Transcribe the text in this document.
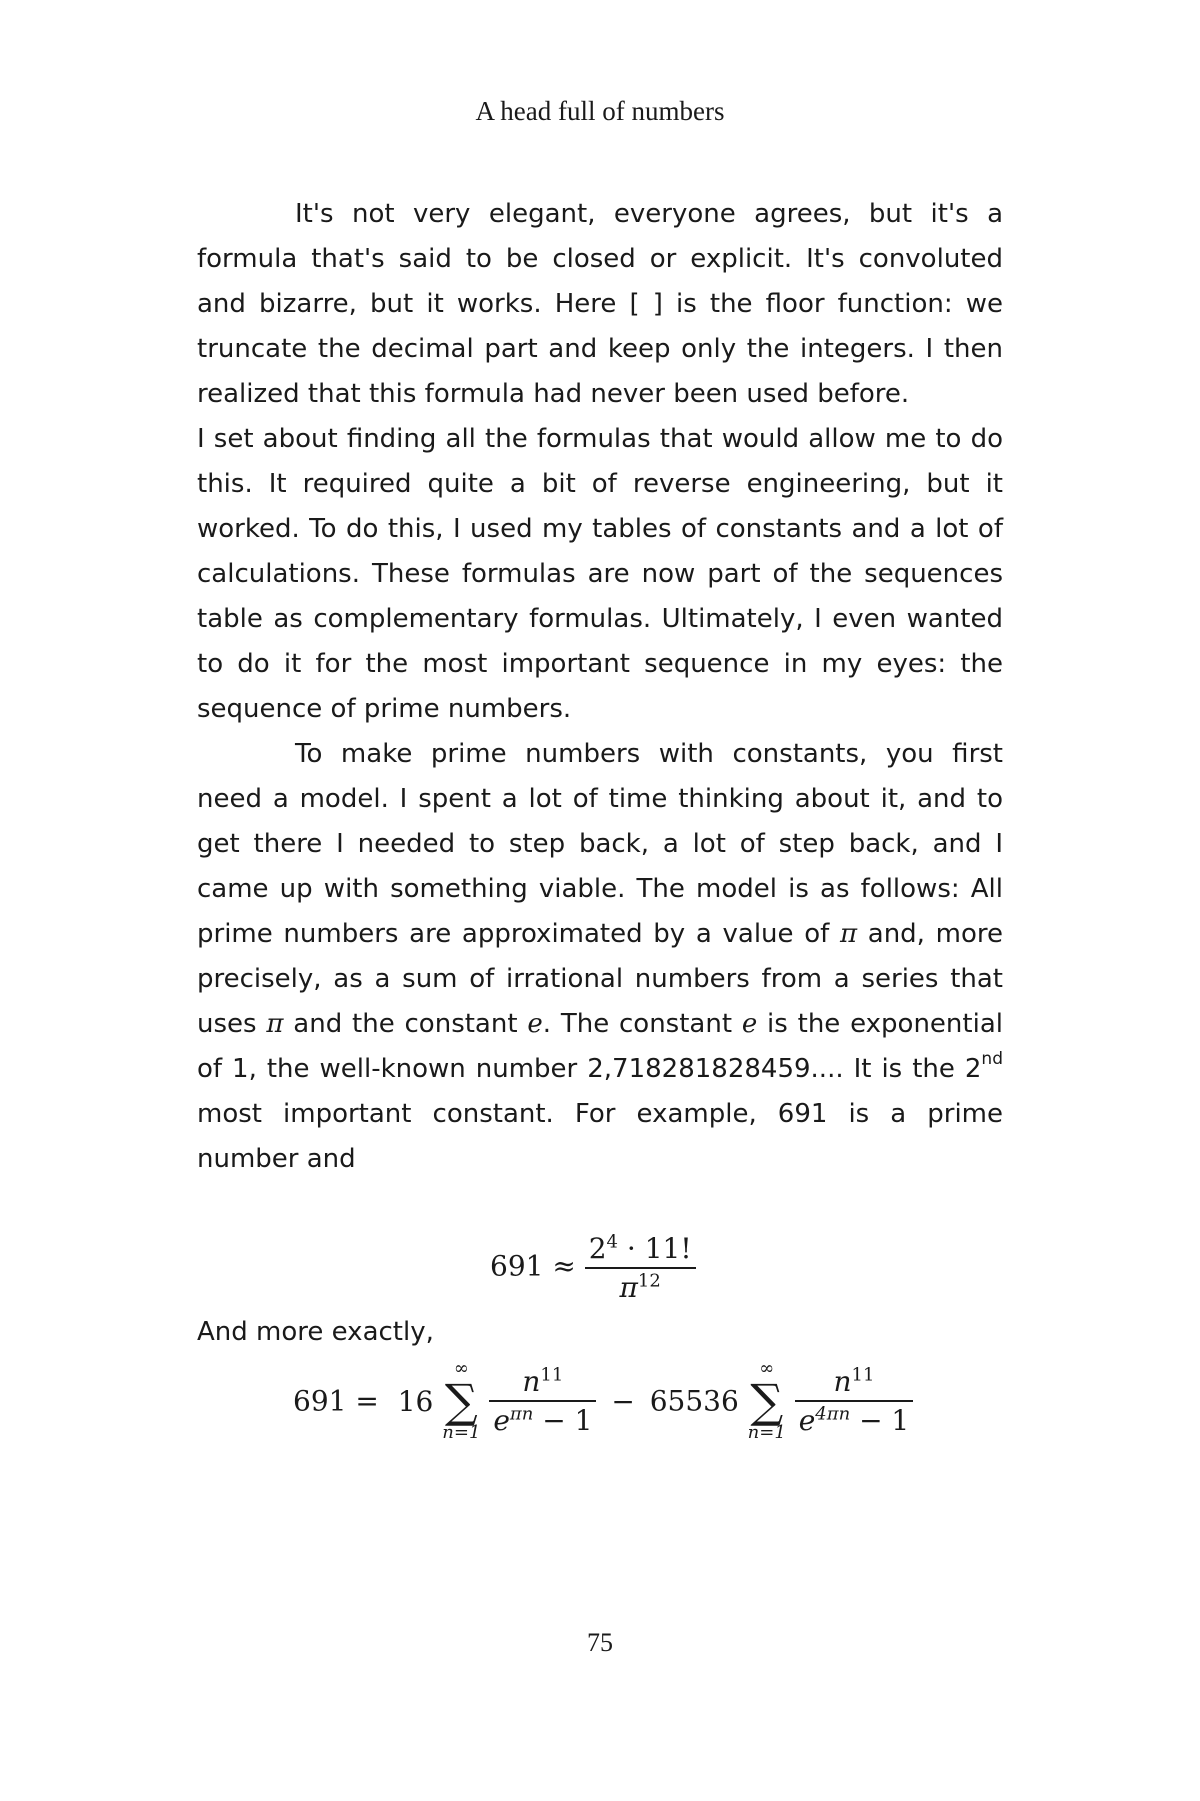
A head full of numbers

It's not very elegant, everyone agrees, but it's a formula that's said to be closed or explicit. It's convoluted and bizarre, but it works. Here [ ] is the floor function: we truncate the decimal part and keep only the integers. I then realized that this formula had never been used before.

I set about finding all the formulas that would allow me to do this. It required quite a bit of reverse engineering, but it worked. To do this, I used my tables of constants and a lot of calculations. These formulas are now part of the sequences table as complementary formulas. Ultimately, I even wanted to do it for the most important sequence in my eyes: the sequence of prime numbers.

To make prime numbers with constants, you first need a model. I spent a lot of time thinking about it, and to get there I needed to step back, a lot of step back, and I came up with something viable. The model is as follows: All prime numbers are approximated by a value of π and, more precisely, as a sum of irrational numbers from a series that uses π and the constant e. The constant e is the exponential of 1, the well-known number 2,718281828459.... It is the 2nd most important constant. For example, 691 is a prime number and

$691 \approx \frac{2^4 \cdot 11!}{\pi^{12}}$

And more exactly,

691 = 16
∞
∑
n=1
$\frac{n^{11}}{e^{\pi n} - 1} - 65536$
∞
∑
n=1
$\frac{n^{11}}{e^{4\pi n} - 1}$
75
